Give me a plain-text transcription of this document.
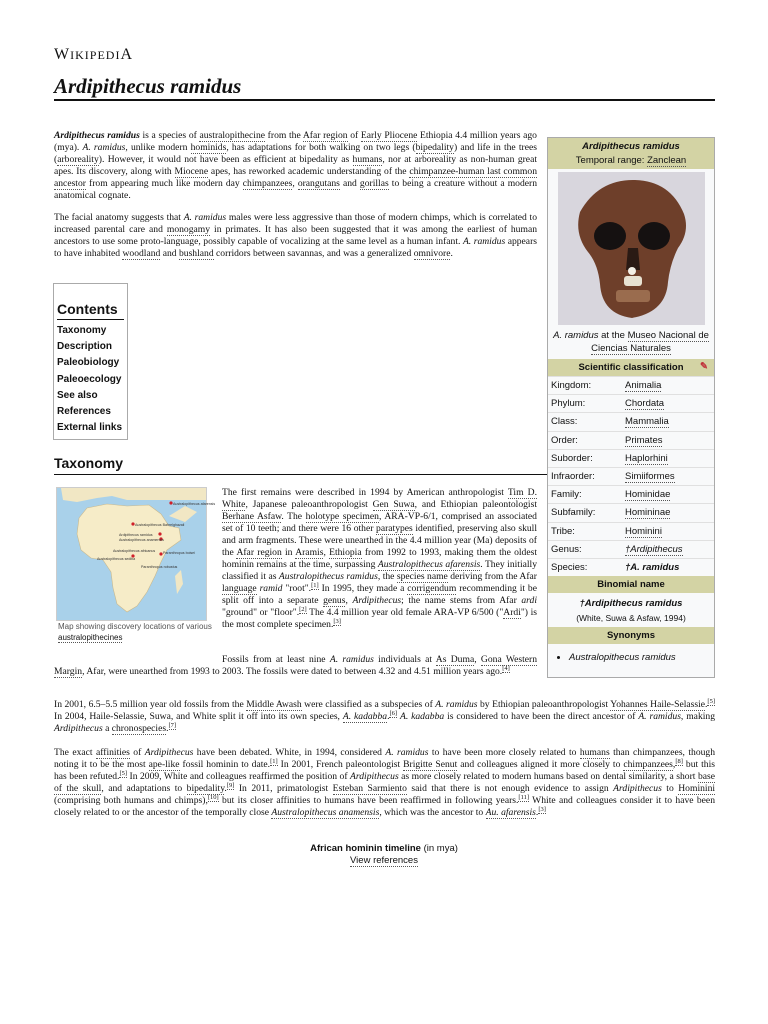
WIKIPEDIA
Ardipithecus ramidus

Ardipithecus ramidus is a species of australopithecine from the Afar region of Early Pliocene Ethiopia 4.4 million years ago (mya). A. ramidus, unlike modern hominids, has adaptations for both walking on two legs (bipedality) and life in the trees (arboreality). However, it would not have been as efficient at bipedality as humans, nor at arboreality as non-human great apes. Its discovery, along with Miocene apes, has reworked academic understanding of the chimpanzee-human last common ancestor from appearing much like modern day chimpanzees, orangutans and gorillas to being a creature without a modern anatomical cognate.

The facial anatomy suggests that A. ramidus males were less aggressive than those of modern chimps, which is correlated to increased parental care and monogamy in primates. It has also been suggested that it was among the earliest of human ancestors to use some proto-language, possibly capable of vocalizing at the same level as a human infant. A. ramidus appears to have inhabited woodland and bushland corridors between savannas, and was a generalized omnivore.

Contents
Taxonomy
Description
Paleobiology
Paleoecology
See also
References
External links
Taxonomy
Australopithecus afarensis
Australopithecus Bahrelghazali
Ardipithecus ramidus
Australopithecus anamensis
Australopithecus africanus Paranthropus boisei
Australopithecus sediba
Paranthropus robustus
Map showing discovery locations of various australopithecines

The first remains were described in 1994 by American anthropologist Tim D. White, Japanese paleoanthropologist Gen Suwa, and Ethiopian paleontologist Berhane Asfaw. The holotype specimen, ARA-VP-6/1, comprised an associated set of 10 teeth; and there were 16 other paratypes identified, preserving also skull and arm fragments. These were unearthed in the 4.4 million year (Ma) deposits of the Afar region in Aramis, Ethiopia from 1992 to 1993, making them the oldest hominin remains at the time, surpassing Australopithecus afarensis. They initially classified it as Australopithecus ramidus, the species name deriving from the Afar language ramid "root".[1] In 1995, they made a corrigendum recommending it be split off into a separate genus, Ardipithecus; the name stems from Afar ardi "ground" or "floor".[2] The 4.4 million year old female ARA-VP 6/500 ("Ardi") is the most complete specimen.[3]

Fossils from at least nine A. ramidus individuals at As Duma, Gona Western Margin, Afar, were unearthed from 1993 to 2003. The fossils were dated to between 4.32 and 4.51 million years ago.[4]

In 2001, 6.5–5.5 million year old fossils from the Middle Awash were classified as a subspecies of A. ramidus by Ethiopian paleoanthropologist Yohannes Haile-Selassie.[5] In 2004, Haile-Selassie, Suwa, and White split it off into its own species, A. kadabba.[6] A. kadabba is considered to have been the direct ancestor of A. ramidus, making Ardipithecus a chronospecies.[7]

The exact affinities of Ardipithecus have been debated. White, in 1994, considered A. ramidus to have been more closely related to humans than chimpanzees, though noting it to be the most ape-like fossil hominin to date.[1] In 2001, French paleontologist Brigitte Senut and colleagues aligned it more closely to chimpanzees,[8] but this has been refuted.[5] In 2009, White and colleagues reaffirmed the position of Ardipithecus as more closely related to modern humans based on dental similarity, a short base of the skull, and adaptations to bipedality.[9] In 2011, primatologist Esteban Sarmiento said that there is not enough evidence to assign Ardipithecus to Hominini (comprising both humans and chimps),[10] but its closer affinities to humans have been reaffirmed in following years.[11] White and colleagues consider it to have been closely related to or the ancestor of the temporally close Australopithecus anamensis, which was the ancestor to Au. afarensis.[3]

African hominin timeline (in mya)
View references
Ardipithecus ramidus
Temporal range: Zanclean
A. ramidus at the Museo Nacional de Ciencias Naturales
Scientific classification ✎
Kingdom:	Animalia
Phylum:	Chordata
Class:	Mammalia
Order:	Primates
Suborder:	Haplorhini
Infraorder:	Simiiformes
Family:	Hominidae
Subfamily:	Homininae
Tribe:	Hominini
Genus:	†Ardipithecus
Species:	†A. ramidus
Binomial name
†Ardipithecus ramidus
(White, Suwa & Asfaw, 1994)
Synonyms
• Australopithecus ramidus
